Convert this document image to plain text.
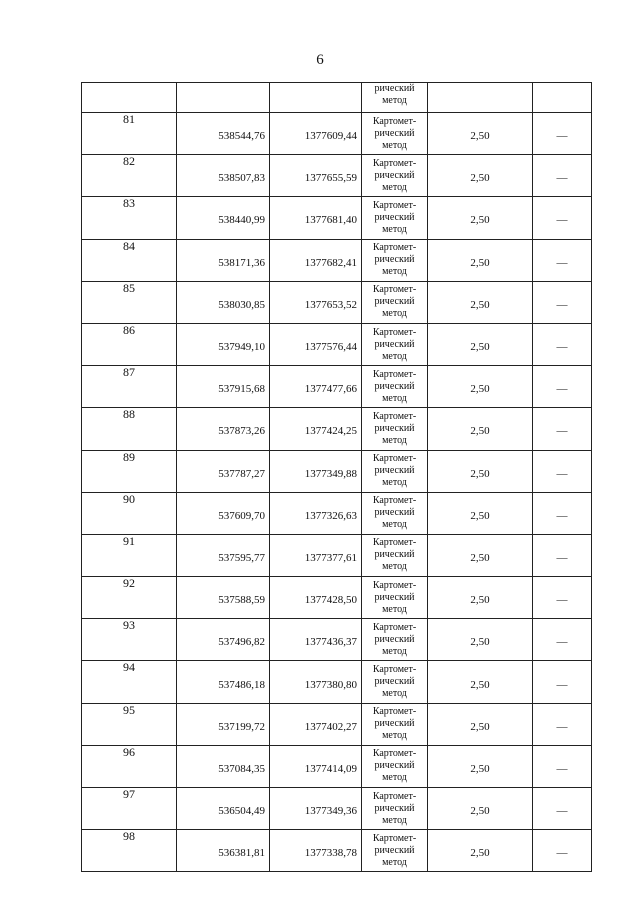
6
			рический метод		
81	538544,76	1377609,44	Картомет-
рический
метод	2,50	—
82	538507,83	1377655,59	Картомет-
рический
метод	2,50	—
83	538440,99	1377681,40	Картомет-
рический
метод	2,50	—
84	538171,36	1377682,41	Картомет-
рический
метод	2,50	—
85	538030,85	1377653,52	Картомет-
рический
метод	2,50	—
86	537949,10	1377576,44	Картомет-
рический
метод	2,50	—
87	537915,68	1377477,66	Картомет-
рический
метод	2,50	—
88	537873,26	1377424,25	Картомет-
рический
метод	2,50	—
89	537787,27	1377349,88	Картомет-
рический
метод	2,50	—
90	537609,70	1377326,63	Картомет-
рический
метод	2,50	—
91	537595,77	1377377,61	Картомет-
рический
метод	2,50	—
92	537588,59	1377428,50	Картомет-
рический
метод	2,50	—
93	537496,82	1377436,37	Картомет-
рический
метод	2,50	—
94	537486,18	1377380,80	Картомет-
рический
метод	2,50	—
95	537199,72	1377402,27	Картомет-
рический
метод	2,50	—
96	537084,35	1377414,09	Картомет-
рический
метод	2,50	—
97	536504,49	1377349,36	Картомет-
рический
метод	2,50	—
98	536381,81	1377338,78	Картомет-
рический
метод	2,50	—
